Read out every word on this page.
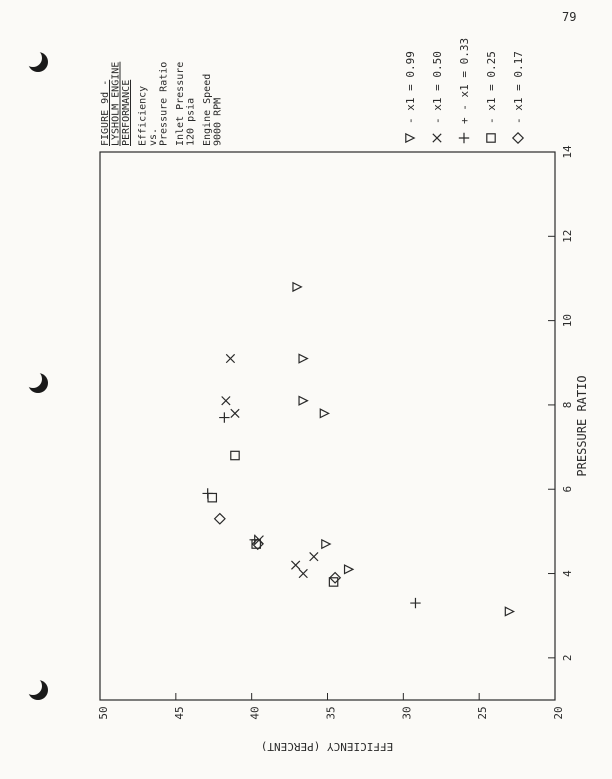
79
20
25
30
35
40
45
50
2
4
6
8
10
12
14
PRESSURE RATIO
EFFICIENCY (PERCENT)
FIGURE 9d - LYSHOLM ENGINE PERFORMANCE Efficiency vs. Pressure Ratio Inlet Pressure 120 psia Engine Speed 9000 RPM	- x1 = 0.99 - x1 = 0.50 + - x1 = 0.33 - x1 = 0.25 - x1 = 0.17
